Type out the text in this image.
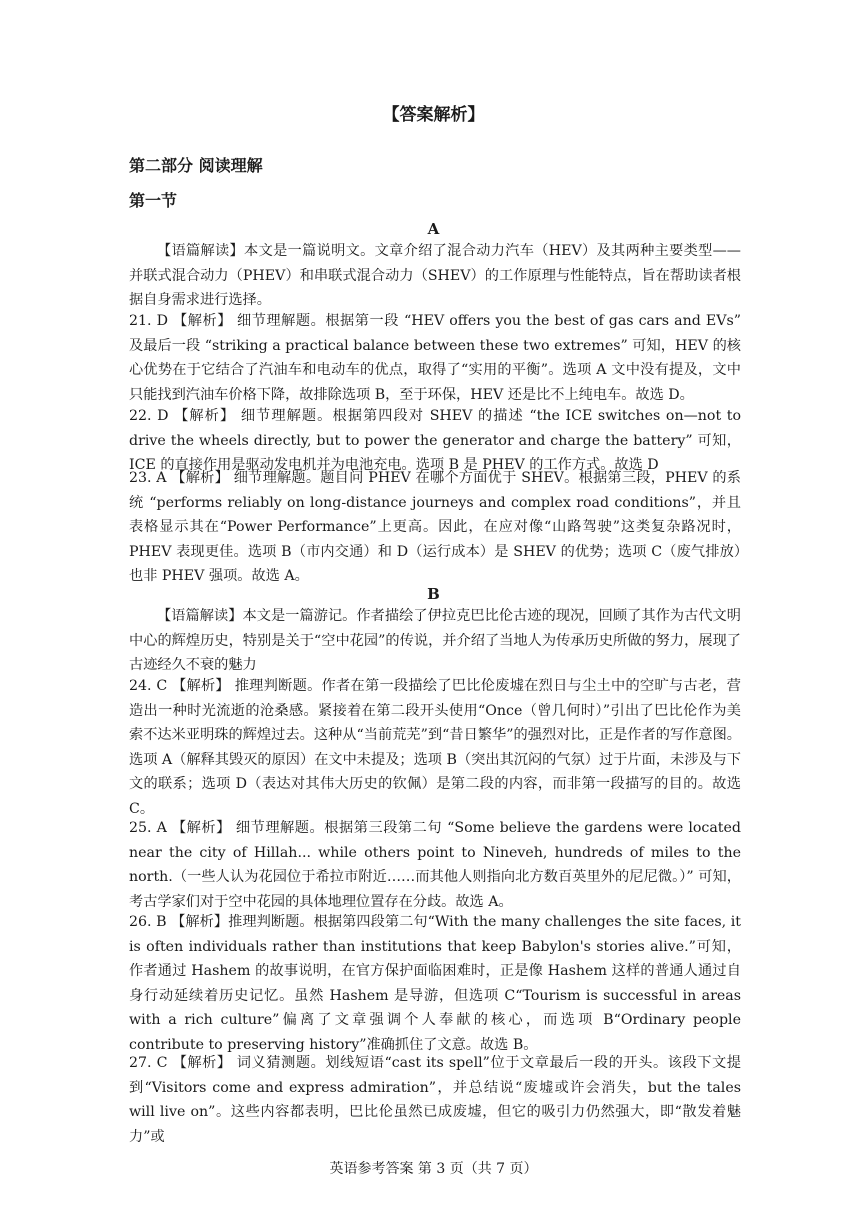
【答案解析】
第二部分 阅读理解
第一节
A
【语篇解读】本文是一篇说明文。文章介绍了混合动力汽车（HEV）及其两种主要类型——并联式混合动力（PHEV）和串联式混合动力（SHEV）的工作原理与性能特点，旨在帮助读者根据自身需求进行选择。
21. D 【解析】 细节理解题。根据第一段 “HEV offers you the best of gas cars and EVs” 及最后一段 “striking a practical balance between these two extremes” 可知，HEV 的核心优势在于它结合了汽油车和电动车的优点，取得了“实用的平衡”。选项 A 文中没有提及，文中只能找到汽油车价格下降，故排除选项 B，至于环保，HEV 还是比不上纯电车。故选 D。
22. D 【解析】 细节理解题。根据第四段对 SHEV 的描述 “the ICE switches on—not to drive the wheels directly, but to power the generator and charge the battery” 可知，ICE 的直接作用是驱动发电机并为电池充电。选项 B 是 PHEV 的工作方式。故选 D
23. A 【解析】 细节理解题。题目问 PHEV 在哪个方面优于 SHEV。根据第三段，PHEV 的系统 “performs reliably on long-distance journeys and complex road conditions”，并且表格显示其在“Power Performance”上更高。因此，在应对像“山路驾驶”这类复杂路况时，PHEV 表现更佳。选项 B（市内交通）和 D（运行成本）是 SHEV 的优势；选项 C（废气排放）也非 PHEV 强项。故选 A。
B
【语篇解读】本文是一篇游记。作者描绘了伊拉克巴比伦古迹的现况，回顾了其作为古代文明中心的辉煌历史，特别是关于“空中花园”的传说，并介绍了当地人为传承历史所做的努力，展现了古迹经久不衰的魅力
24. C 【解析】 推理判断题。作者在第一段描绘了巴比伦废墟在烈日与尘土中的空旷与古老，营造出一种时光流逝的沧桑感。紧接着在第二段开头使用“Once（曾几何时）”引出了巴比伦作为美索不达米亚明珠的辉煌过去。这种从“当前荒芜”到“昔日繁华”的强烈对比，正是作者的写作意图。选项 A（解释其毁灭的原因）在文中未提及；选项 B（突出其沉闷的气氛）过于片面，未涉及与下文的联系；选项 D（表达对其伟大历史的钦佩）是第二段的内容，而非第一段描写的目的。故选 C。
25. A 【解析】 细节理解题。根据第三段第二句 “Some believe the gardens were located near the city of Hillah... while others point to Nineveh, hundreds of miles to the north.（一些人认为花园位于希拉市附近……而其他人则指向北方数百英里外的尼尼微。）” 可知，考古学家们对于空中花园的具体地理位置存在分歧。故选 A。
26. B 【解析】推理判断题。根据第四段第二句“With the many challenges the site faces, it is often individuals rather than institutions that keep Babylon's stories alive.”可知，作者通过 Hashem 的故事说明，在官方保护面临困难时，正是像 Hashem 这样的普通人通过自身行动延续着历史记忆。虽然 Hashem 是导游，但选项 C“Tourism is successful in areas with a rich culture”偏离了文章强调个人奉献的核心，而选项 B“Ordinary people contribute to preserving history”准确抓住了文意。故选 B。
27. C 【解析】 词义猜测题。划线短语“cast its spell”位于文章最后一段的开头。该段下文提到“Visitors come and express admiration”，并总结说“废墟或许会消失，but the tales will live on”。这些内容都表明，巴比伦虽然已成废墟，但它的吸引力仍然强大，即“散发着魅力”或
英语参考答案 第 3 页（共 7 页）
